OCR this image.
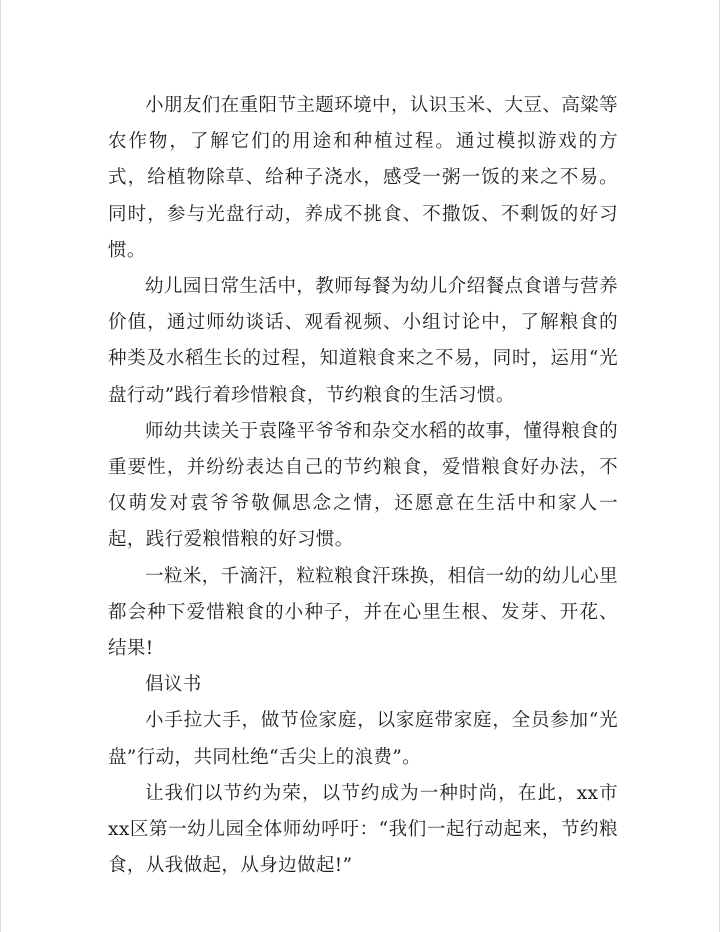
小朋友们在重阳节主题环境中，认识玉米、大豆、高粱等农作物，了解它们的用途和种植过程。通过模拟游戏的方式，给植物除草、给种子浇水，感受一粥一饭的来之不易。同时，参与光盘行动，养成不挑食、不撒饭、不剩饭的好习惯。

幼儿园日常生活中，教师每餐为幼儿介绍餐点食谱与营养价值，通过师幼谈话、观看视频、小组讨论中，了解粮食的种类及水稻生长的过程，知道粮食来之不易，同时，运用“光盘行动”践行着珍惜粮食，节约粮食的生活习惯。

师幼共读关于袁隆平爷爷和杂交水稻的故事，懂得粮食的重要性，并纷纷表达自己的节约粮食，爱惜粮食好办法，不仅萌发对袁爷爷敬佩思念之情，还愿意在生活中和家人一起，践行爱粮惜粮的好习惯。

一粒米，千滴汗，粒粒粮食汗珠换，相信一幼的幼儿心里都会种下爱惜粮食的小种子，并在心里生根、发芽、开花、结果!

倡议书

小手拉大手，做节俭家庭，以家庭带家庭，全员参加“光盘”行动，共同杜绝“舌尖上的浪费”。

让我们以节约为荣，以节约成为一种时尚，在此，xx市xx区第一幼儿园全体师幼呼吁：“我们一起行动起来，节约粮食，从我做起，从身边做起!”
